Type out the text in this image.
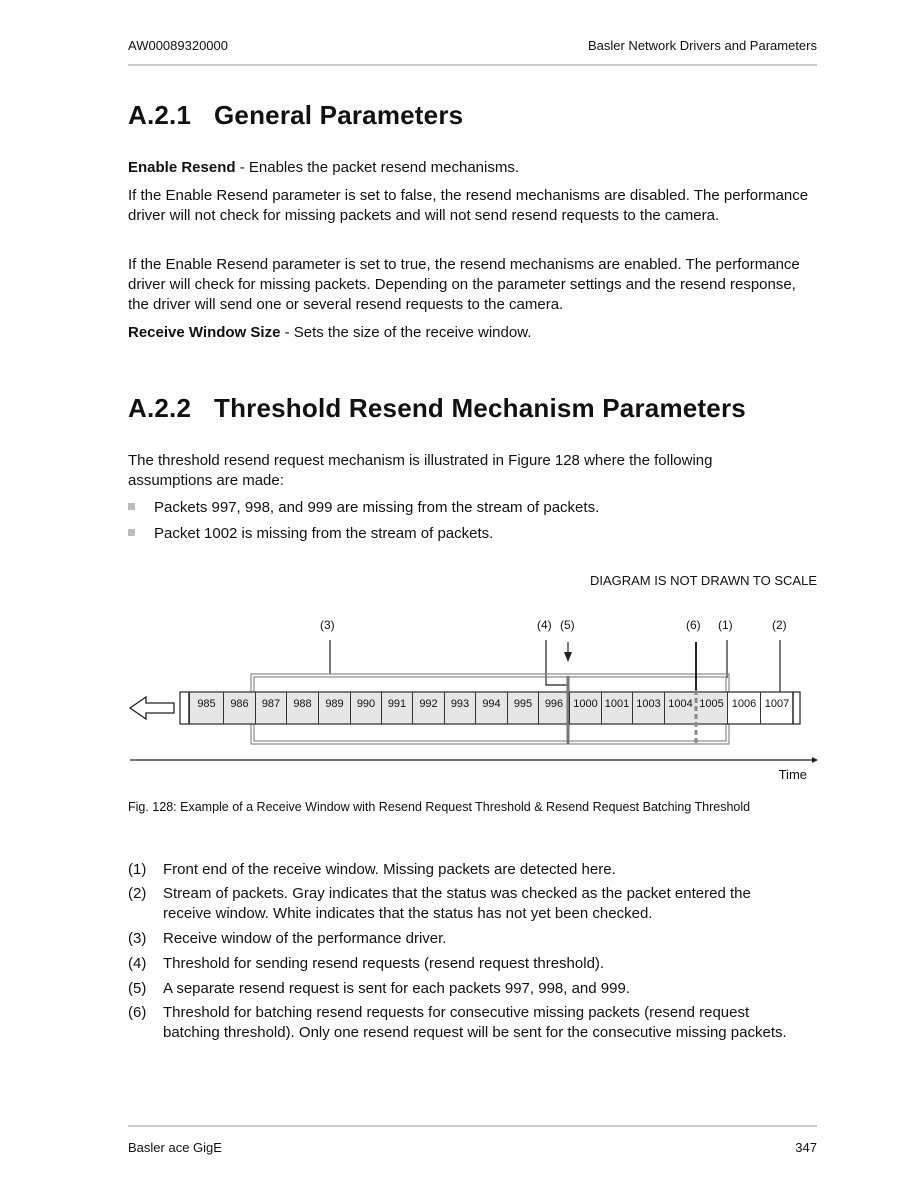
AW00089320000	Basler Network Drivers and Parameters
A.2.1 General Parameters

Enable Resend - Enables the packet resend mechanisms.

If the Enable Resend parameter is set to false, the resend mechanisms are disabled. The performance driver will not check for missing packets and will not send resend requests to the camera.

If the Enable Resend parameter is set to true, the resend mechanisms are enabled. The performance driver will check for missing packets. Depending on the parameter settings and the resend response, the driver will send one or several resend requests to the camera.

Receive Window Size - Sets the size of the receive window.

A.2.2 Threshold Resend Mechanism Parameters

The threshold resend request mechanism is illustrated in Figure 128 where the following assumptions are made:

Packets 997, 998, and 999 are missing from the stream of packets.
Packet 1002 is missing from the stream of packets.
DIAGRAM IS NOT DRAWN TO SCALE
(3)	(4) (5)	(6) (1)	(2)
985	986	987	988	989	990	991	992	993	994	995	996 1000 1001 1003 1004 1005 1006 1007
Time
Fig. 128: Example of a Receive Window with Resend Request Threshold & Resend Request Batching Threshold
(1) Front end of the receive window. Missing packets are detected here.
(2) Stream of packets. Gray indicates that the status was checked as the packet entered the receive window. White indicates that the status has not yet been checked.
(3) Receive window of the performance driver.
(4) Threshold for sending resend requests (resend request threshold).
(5) A separate resend request is sent for each packets 997, 998, and 999.
(6) Threshold for batching resend requests for consecutive missing packets (resend request batching threshold). Only one resend request will be sent for the consecutive missing packets.
Basler ace GigE	347
